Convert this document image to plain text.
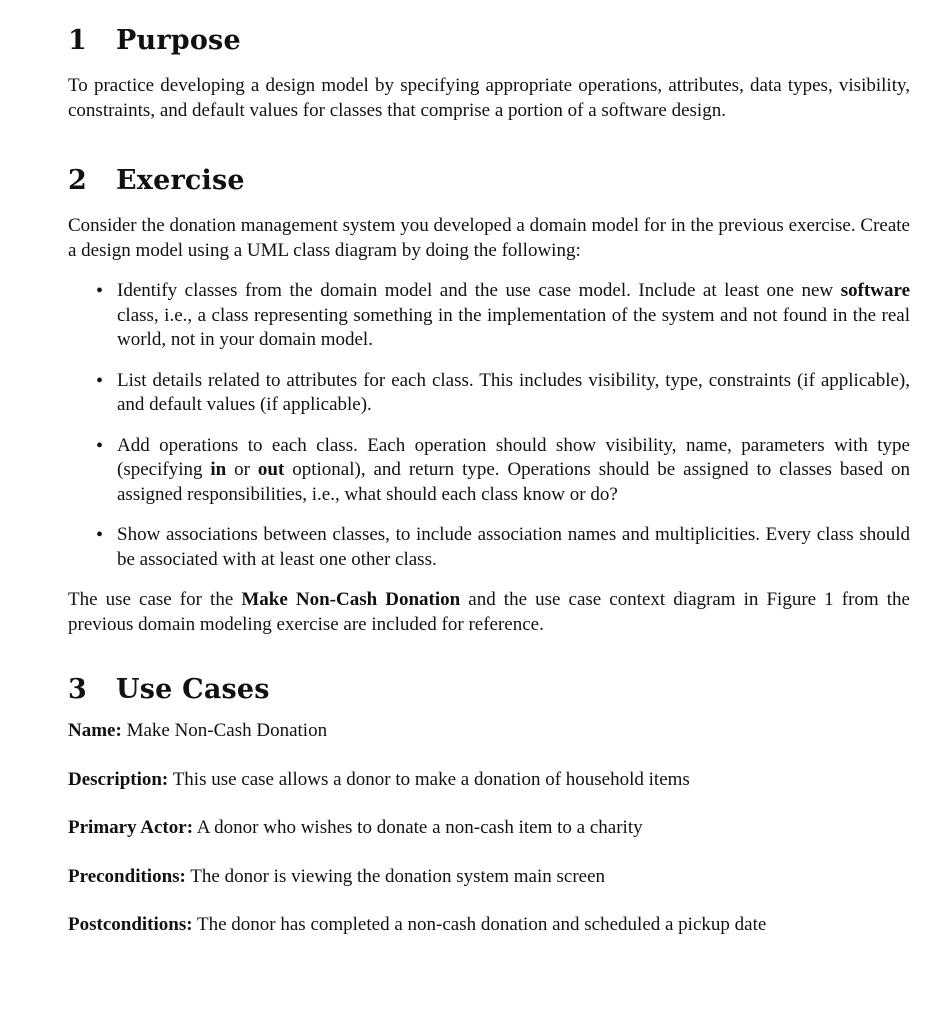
1 Purpose

To practice developing a design model by specifying appropriate operations, attributes, data types, visibility, constraints, and default values for classes that comprise a portion of a software design.

2 Exercise

Consider the donation management system you developed a domain model for in the previous exercise. Create a design model using a UML class diagram by doing the following:

• Identify classes from the domain model and the use case model. Include at least one new software class, i.e., a class representing something in the implementation of the system and not found in the real world, not in your domain model.
• List details related to attributes for each class. This includes visibility, type, constraints (if applicable), and default values (if applicable).
• Add operations to each class. Each operation should show visibility, name, parameters with type (specifying in or out optional), and return type. Operations should be assigned to classes based on assigned responsibilities, i.e., what should each class know or do?
• Show associations between classes, to include association names and multiplicities. Every class should be associated with at least one other class.

The use case for the Make Non-Cash Donation and the use case context diagram in Figure 1 from the previous domain modeling exercise are included for reference.

3 Use Cases

Name: Make Non-Cash Donation

Description: This use case allows a donor to make a donation of household items

Primary Actor: A donor who wishes to donate a non-cash item to a charity

Preconditions: The donor is viewing the donation system main screen

Postconditions: The donor has completed a non-cash donation and scheduled a pickup date
